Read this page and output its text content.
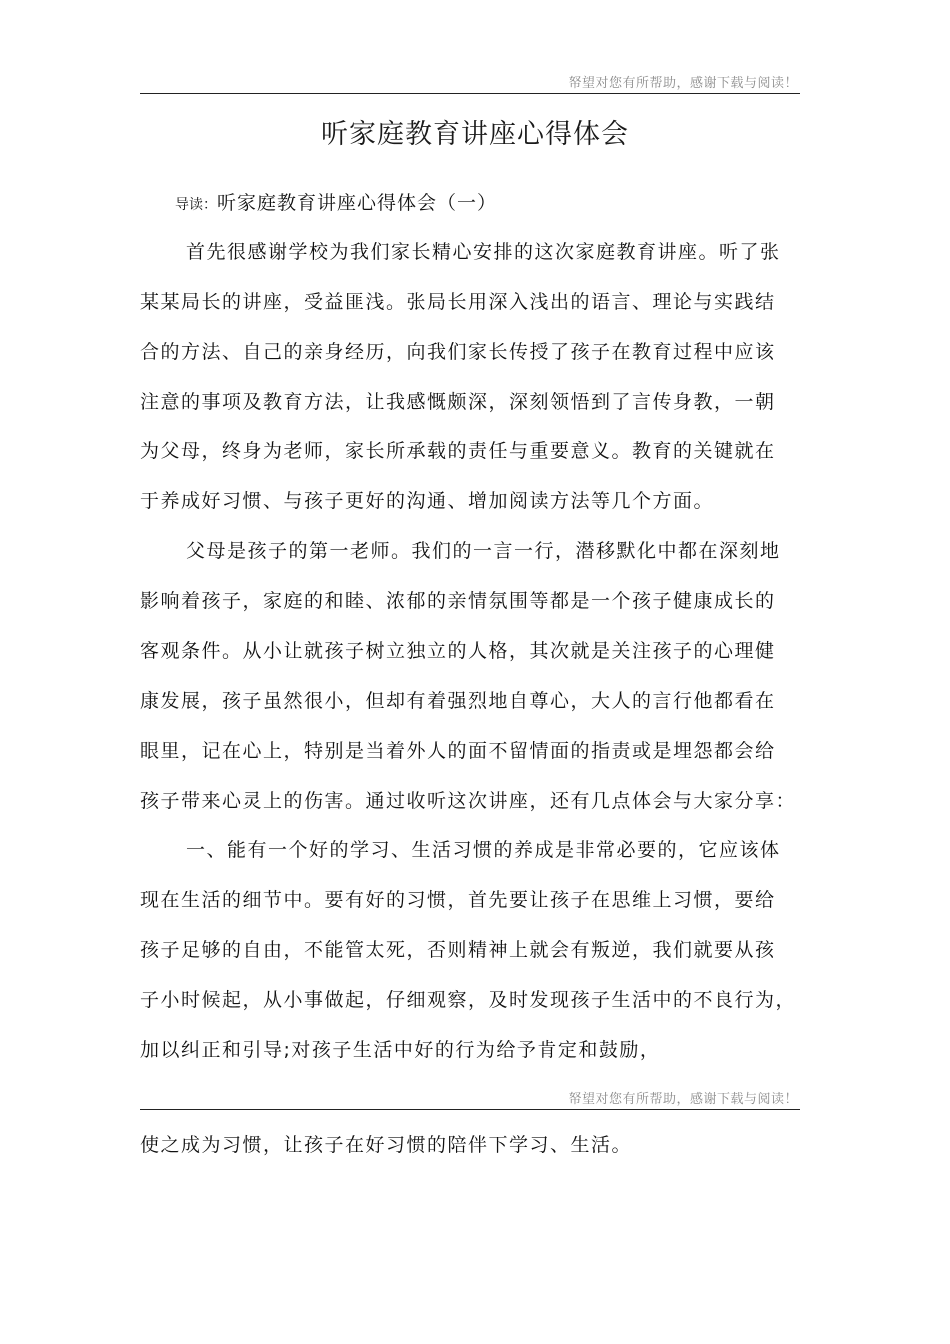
帑望对您有所帮助，感谢下载与阅读！
听家庭教育讲座心得体会
导读：听家庭教育讲座心得体会（一）
首先很感谢学校为我们家长精心安排的这次家庭教育讲座。听了张
某某局长的讲座，受益匪浅。张局长用深入浅出的语言、理论与实践结
合的方法、自己的亲身经历，向我们家长传授了孩子在教育过程中应该
注意的事项及教育方法，让我感慨颇深，深刻领悟到了言传身教，一朝
为父母，终身为老师，家长所承载的责任与重要意义。教育的关键就在
于养成好习惯、与孩子更好的沟通、增加阅读方法等几个方面。
父母是孩子的第一老师。我们的一言一行，潜移默化中都在深刻地
影响着孩子，家庭的和睦、浓郁的亲情氛围等都是一个孩子健康成长的
客观条件。从小让就孩子树立独立的人格，其次就是关注孩子的心理健
康发展，孩子虽然很小，但却有着强烈地自尊心，大人的言行他都看在
眼里，记在心上，特别是当着外人的面不留情面的指责或是埋怨都会给
孩子带来心灵上的伤害。通过收听这次讲座，还有几点体会与大家分享：
一、能有一个好的学习、生活习惯的养成是非常必要的，它应该体
现在生活的细节中。要有好的习惯，首先要让孩子在思维上习惯，要给
孩子足够的自由，不能管太死，否则精神上就会有叛逆，我们就要从孩
子小时候起，从小事做起，仔细观察，及时发现孩子生活中的不良行为，
加以纠正和引导;对孩子生活中好的行为给予肯定和鼓励，
帑望对您有所帮助，感谢下载与阅读！
使之成为习惯，让孩子在好习惯的陪伴下学习、生活。
